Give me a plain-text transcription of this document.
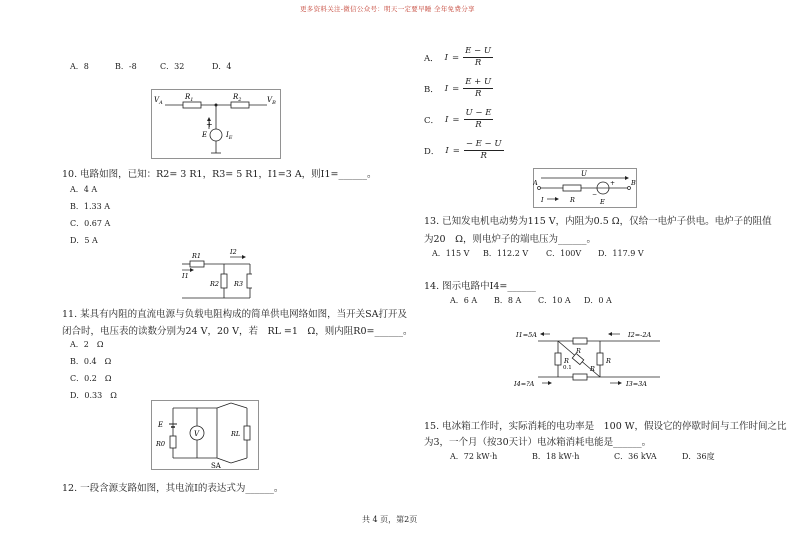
更多资料关注-微信公众号：明天一定要早睡 全年免费分享
A．8	B．-8	C．32	D．4
$V_A$
$R_1$	$R_2$	$V_B$
E	$I_E$
+
10. 电路如图，已知：R2= 3 R1，R3= 5 R1，I1=3 A，则I1=______。
A．4 A
B．1.33 A
C．0.67 A
D．5 A
R1	I2
I1
R2 R3
11. 某具有内阻的直流电源与负载电阻构成的简单供电网络如图，当开关SA打开及
闭合时，电压表的读数分别为24 V，20 V，若　RL =1　Ω，则内阻R0=______。
A．2　Ω
B．0.4　Ω
C．0.2　Ω
D．0.33　Ω
E
V
R0
RL
SA
12. 一段含源支路如图，其电流I的表达式为______。
A． $I = \frac{E - U}{R}$
B． $I = \frac{E + U}{R}$
C． $I = \frac{U - E}{R}$
D． $I = \frac{- E - U}{R}$
U
A	B
I	R	E
+
−
13. 已知发电机电动势为115 V，内阻为0.5 Ω，仅给一电炉子供电。电炉子的阻值
为20　Ω，则电炉子的端电压为______。
A．115 V B．112.2 V C．100V D．117.9 V
14. 图示电路中I4=______
A．6 A B．8 A C．10 A D．0 A
I1=5A	I2=-2A
I4=?A	I3=3A
R
R	R
R
0.1
15. 电冰箱工作时，实际消耗的电功率是　100 W，假设它的停歇时间与工作时间之比
为3，一个月（按30天计）电冰箱消耗电能是______。
A．72 kW·h	B．18 kW·h	C．36 kVA	D．36度
共 4 页，第2页
